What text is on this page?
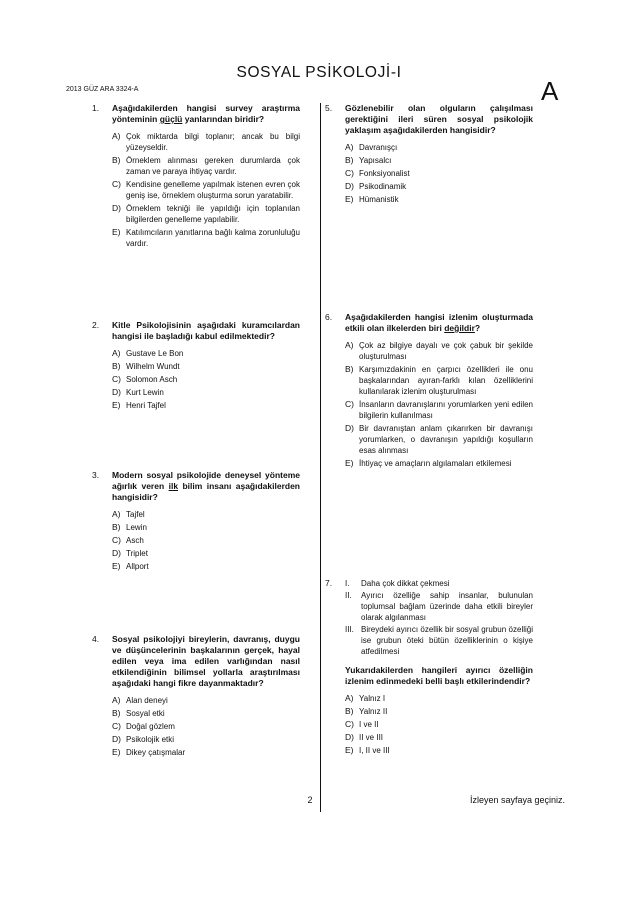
SOSYAL PSİKOLOJİ-I
2013 GÜZ ARA 3324-A	A
1.	Aşağıdakilerden hangisi survey araştırma yönteminin güçlü yanlarından biridir?
A) Çok miktarda bilgi toplanır; ancak bu bilgi yüzeyseldir.
B) Örneklem alınması gereken durumlarda çok zaman ve paraya ihtiyaç vardır.
C) Kendisine genelleme yapılmak istenen evren çok geniş ise, örneklem oluşturma sorun yaratabilir.
D) Örneklem tekniği ile yapıldığı için toplanılan bilgilerden genelleme yapılabilir.
E) Katılımcıların yanıtlarına bağlı kalma zorunluluğu vardır.
2.	Kitle Psikolojisinin aşağıdaki kuramcılardan hangisi ile başladığı kabul edilmektedir?
A) Gustave Le Bon
B) Wilhelm Wundt
C) Solomon Asch
D) Kurt Lewin
E) Henri Tajfel
3.	Modern sosyal psikolojide deneysel yönteme ağırlık veren ilk bilim insanı aşağıdakilerden hangisidir?
A) Tajfel
B) Lewin
C) Asch
D) Triplet
E) Allport
4.	Sosyal psikolojiyi bireylerin, davranış, duygu ve düşüncelerinin başkalarının gerçek, hayal edilen veya ima edilen varlığından nasıl etkilendiğinin bilimsel yollarla araştırılması aşağıdaki hangi fikre dayanmaktadır?
A) Alan deneyi
B) Sosyal etki
C) Doğal gözlem
D) Psikolojik etki
E) Dikey çatışmalar
5.	Gözlenebilir olan olguların çalışılması gerektiğini ileri süren sosyal psikolojik yaklaşım aşağıdakilerden hangisidir?
A) Davranışçı
B) Yapısalcı
C) Fonksiyonalist
D) Psikodinamik
E) Hümanistik
6.	Aşağıdakilerden hangisi izlenim oluşturmada etkili olan ilkelerden biri değildir?
A) Çok az bilgiye dayalı ve çok çabuk bir şekilde oluşturulması
B) Karşımızdakinin en çarpıcı özellikleri ile onu başkalarından ayıran-farklı kılan özelliklerini kullanılarak izlenim oluşturulması
C) İnsanların davranışlarını yorumlarken yeni edilen bilgilerin kullanılması
D) Bir davranıştan anlam çıkarırken bir davranışı yorumlarken, o davranışın yapıldığı koşulların esas alınması
E) İhtiyaç ve amaçların algılamaları etkilemesi
7.	I.	Daha çok dikkat çekmesi
II.	Ayırıcı özelliğe sahip insanlar, bulunulan toplumsal bağlam üzerinde daha etkili bireyler olarak algılanması
III. Bireydeki ayırıcı özellik bir sosyal grubun özelliği ise grubun öteki bütün özelliklerinin o kişiye atfedilmesi
Yukarıdakilerden hangileri ayırıcı özelliğin izlenim edinmedeki belli başlı etkilerindendir?
A) Yalnız I
B) Yalnız II
C) I ve II
D) II ve III
E) I, II ve III
2	İzleyen sayfaya geçiniz.
